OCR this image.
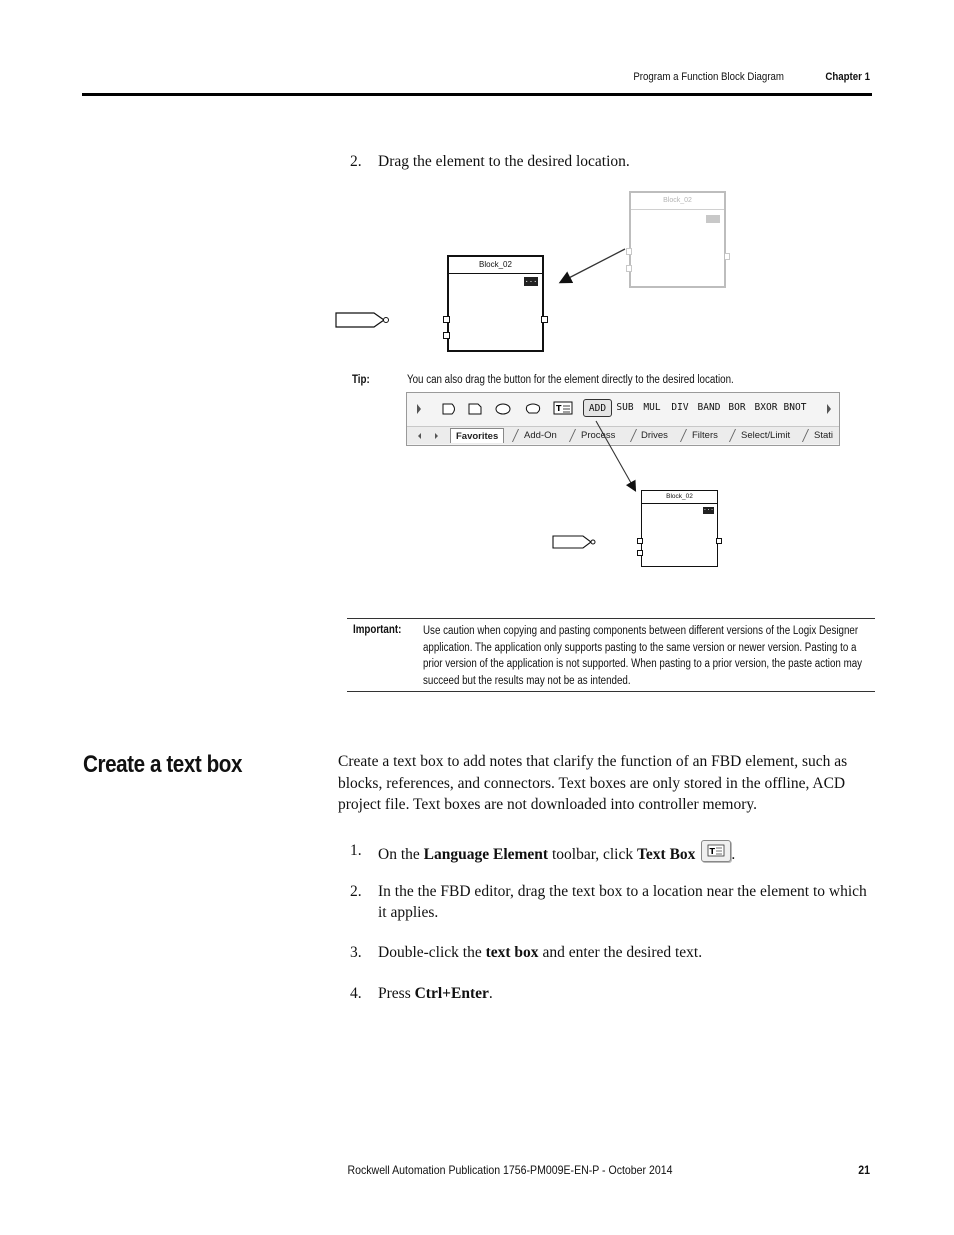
Program a Function Block Diagram	Chapter 1
2.	Drag the element to the desired location.
Block_02
Block_02
...
Tip:	You can also drag the button for the element directly to the desired location.
T	ADD	SUB MUL DIV BAND BOR BXOR BNOT
Favorites	Add-On	Process	Drives	Filters Select/Limit	Stati
Block_02
...
Important: Use caution when copying and pasting components between different versions of the Logix Designer application. The application only supports pasting to the same version or newer version. Pasting to a prior version of the application is not supported. When pasting to a prior version, the paste action may succeed but the results may not be as intended.
Create a text box	Create a text box to add notes that clarify the function of an FBD element, such as blocks, references, and connectors. Text boxes are only stored in the offline, ACD project file. Text boxes are not downloaded into controller memory.
1.	On the Language Element toolbar, click Text Box T .
2.	In the the FBD editor, drag the text box to a location near the element to which it applies.
3.	Double-click the text box and enter the desired text.
4.	Press Ctrl+Enter.
Rockwell Automation Publication 1756-PM009E-EN-P - October 2014	21
